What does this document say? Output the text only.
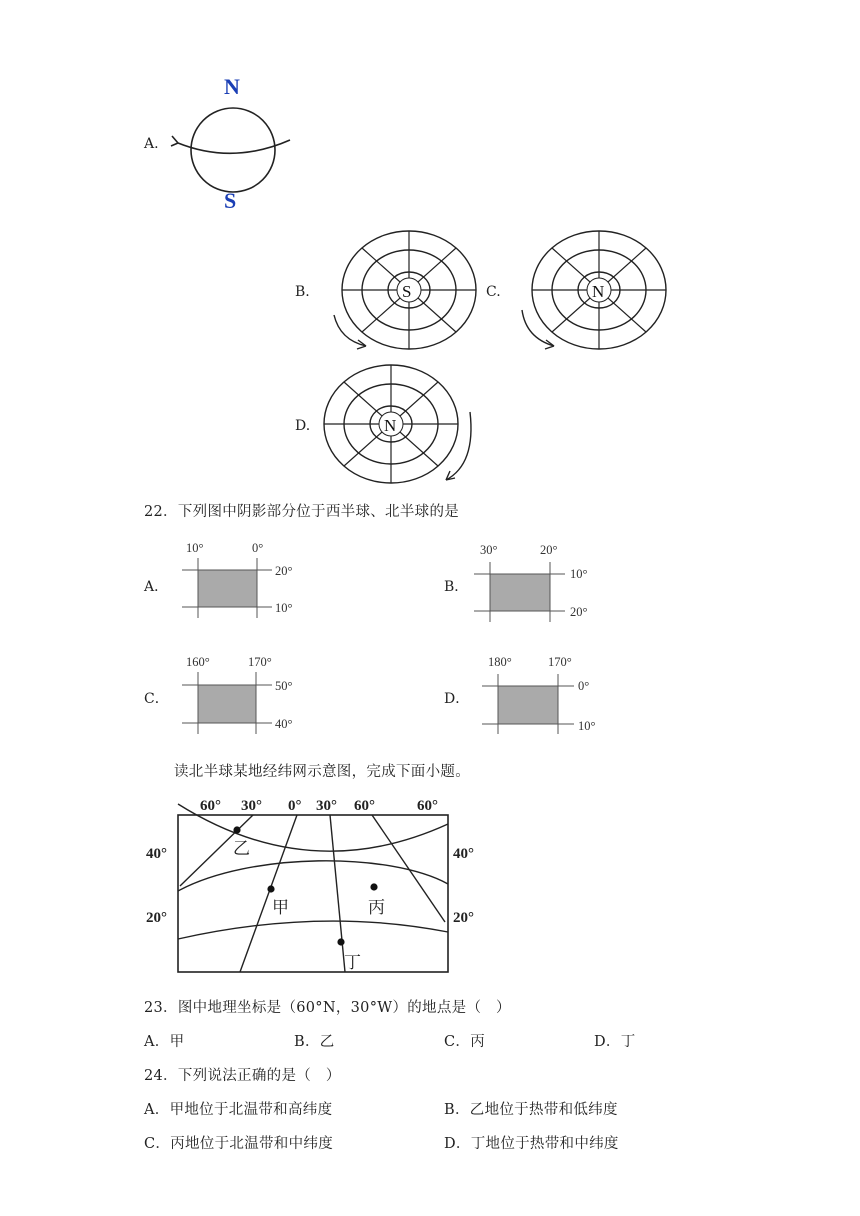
A.
N
S
B.	S	C.	N
D.	N
22．下列图中阴影部分位于西半球、北半球的是
A．
10°	0°
20°
10°
B．
30°	20°
10°
20°
C．
160°	170°
50°
40°
D．
180°	170°
0°
10°
读北半球某地经纬网示意图，完成下面小题。
乙
甲	丙
丁
60° 30° 0° 30° 60°	60°
40°
20°
40°
20°
23．图中地理坐标是（60°N，30°W）的地点是（　）
A．甲	B．乙	C．丙	D．丁
24．下列说法正确的是（　）
A．甲地位于北温带和高纬度	B．乙地位于热带和低纬度
C．丙地位于北温带和中纬度	D．丁地位于热带和中纬度
